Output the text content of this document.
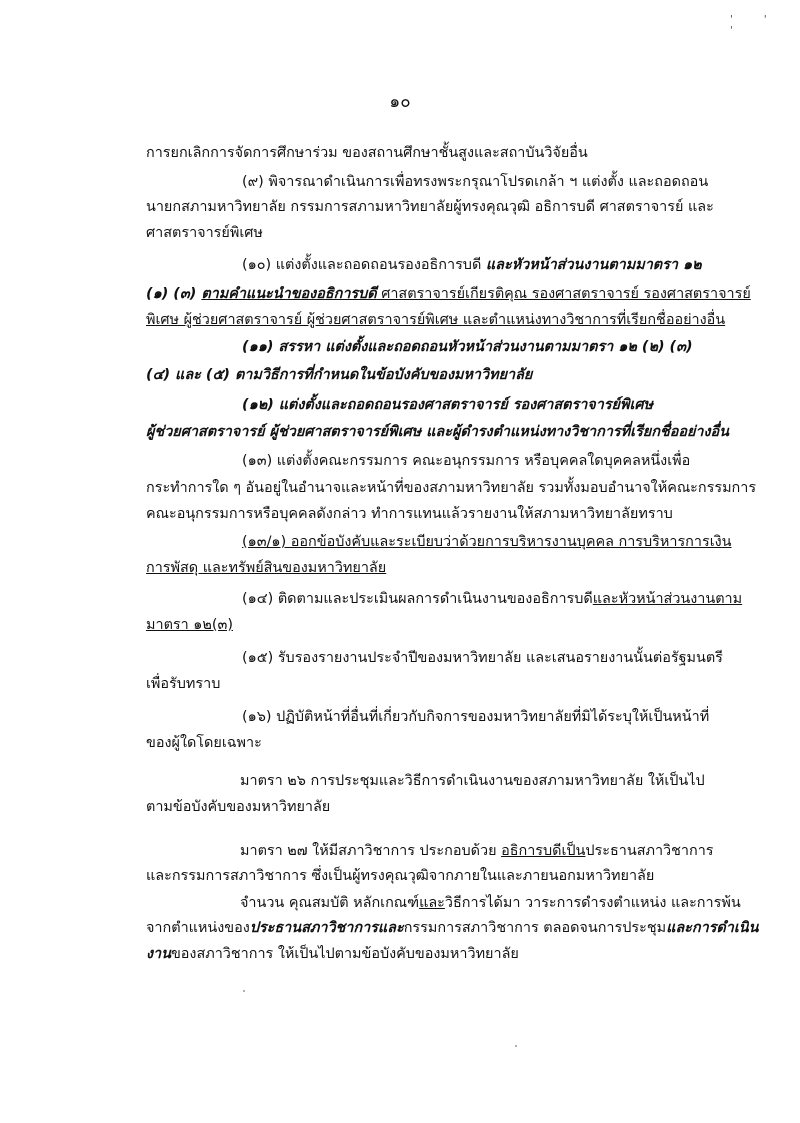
' ' '
๑๐
การยกเลิกการจัดการศึกษาร่วม ของสถานศึกษาชั้นสูงและสถาบันวิจัยอื่น
(๙) พิจารณาดำเนินการเพื่อทรงพระกรุณาโปรดเกล้า ฯ แต่งตั้ง และถอดถอน
นายกสภามหาวิทยาลัย กรรมการสภามหาวิทยาลัยผู้ทรงคุณวุฒิ อธิการบดี ศาสตราจารย์ และ
ศาสตราจารย์พิเศษ
(๑๐) แต่งตั้งและถอดถอนรองอธิการบดี และหัวหน้าส่วนงานตามมาตรา ๑๒
(๑) (๓) ตามคำแนะนำของอธิการบดี ศาสตราจารย์เกียรติคุณ รองศาสตราจารย์ รองศาสตราจารย์
พิเศษ ผู้ช่วยศาสตราจารย์ ผู้ช่วยศาสตราจารย์พิเศษ และตำแหน่งทางวิชาการที่เรียกชื่ออย่างอื่น
(๑๑) สรรหา แต่งตั้งและถอดถอนหัวหน้าส่วนงานตามมาตรา ๑๒ (๒) (๓)
(๔) และ (๕) ตามวิธีการที่กำหนดในข้อบังคับของมหาวิทยาลัย
(๑๒) แต่งตั้งและถอดถอนรองศาสตราจารย์ รองศาสตราจารย์พิเศษ
ผู้ช่วยศาสตราจารย์ ผู้ช่วยศาสตราจารย์พิเศษ และผู้ดำรงตำแหน่งทางวิชาการที่เรียกชื่ออย่างอื่น
(๑๓) แต่งตั้งคณะกรรมการ คณะอนุกรรมการ หรือบุคคลใดบุคคลหนึ่งเพื่อ
กระทำการใด ๆ อันอยู่ในอำนาจและหน้าที่ของสภามหาวิทยาลัย รวมทั้งมอบอำนาจให้คณะกรรมการ
คณะอนุกรรมการหรือบุคคลดังกล่าว ทำการแทนแล้วรายงานให้สภามหาวิทยาลัยทราบ
(๑๓/๑) ออกข้อบังคับและระเบียบว่าด้วยการบริหารงานบุคคล การบริหารการเงิน
การพัสดุ และทรัพย์สินของมหาวิทยาลัย
(๑๔) ติดตามและประเมินผลการดำเนินงานของอธิการบดีและหัวหน้าส่วนงานตาม
มาตรา ๑๒(๓)
(๑๕) รับรองรายงานประจำปีของมหาวิทยาลัย และเสนอรายงานนั้นต่อรัฐมนตรี
เพื่อรับทราบ
(๑๖) ปฏิบัติหน้าที่อื่นที่เกี่ยวกับกิจการของมหาวิทยาลัยที่มิได้ระบุให้เป็นหน้าที่
ของผู้ใดโดยเฉพาะ
มาตรา ๒๖ การประชุมและวิธีการดำเนินงานของสภามหาวิทยาลัย ให้เป็นไป
ตามข้อบังคับของมหาวิทยาลัย
มาตรา ๒๗ ให้มีสภาวิชาการ ประกอบด้วย อธิการบดีเป็นประธานสภาวิชาการ
และกรรมการสภาวิชาการ ซึ่งเป็นผู้ทรงคุณวุฒิจากภายในและภายนอกมหาวิทยาลัย
จำนวน คุณสมบัติ หลักเกณฑ์และวิธีการได้มา วาระการดำรงตำแหน่ง และการพ้น
จากตำแหน่งของประธานสภาวิชาการและกรรมการสภาวิชาการ ตลอดจนการประชุมและการดำเนิน
งานของสภาวิชาการ ให้เป็นไปตามข้อบังคับของมหาวิทยาลัย
